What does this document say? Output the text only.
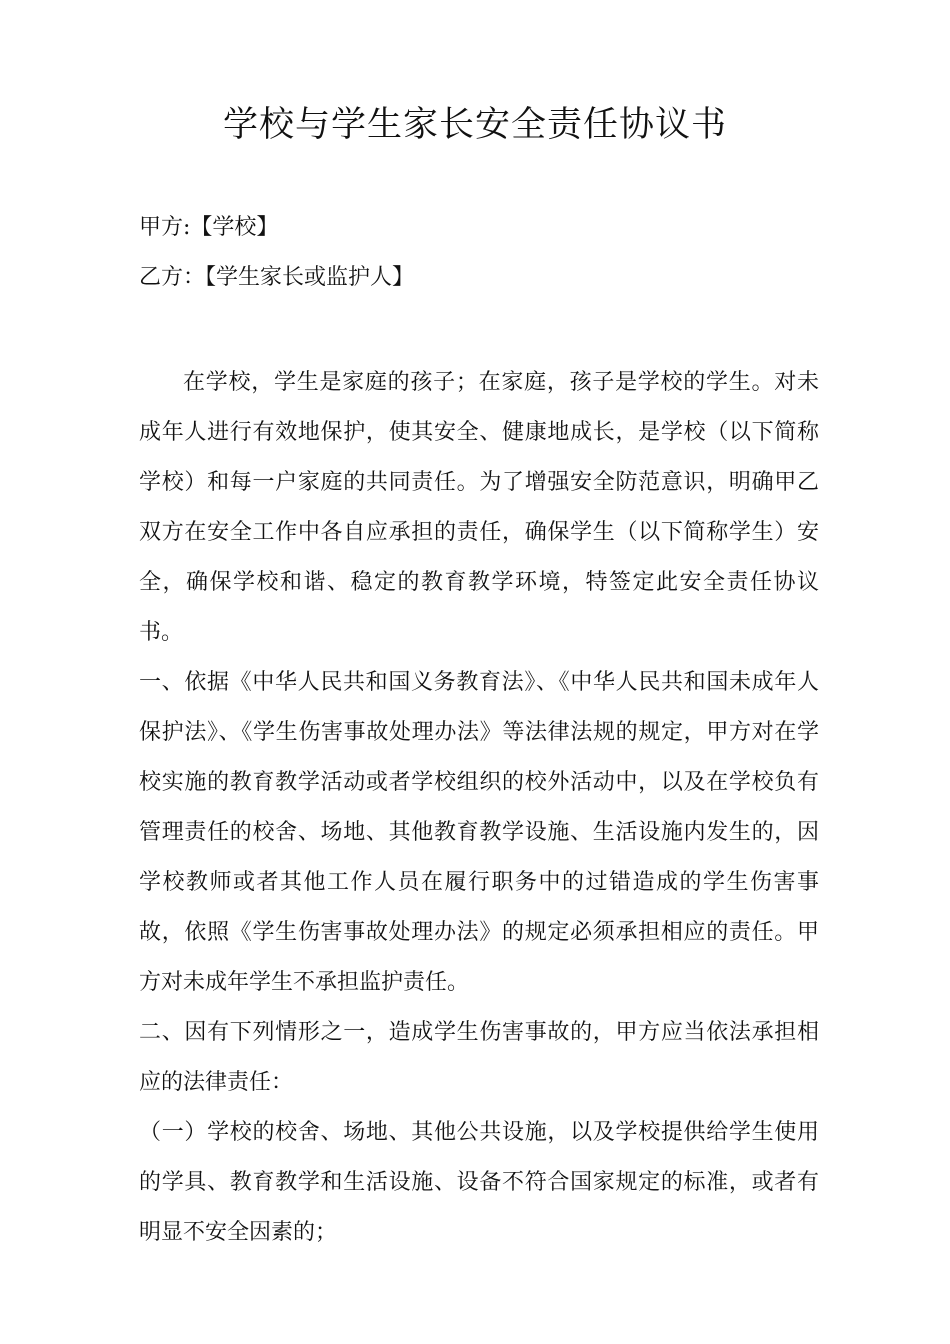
学校与学生家长安全责任协议书
甲方:【学校】
乙方：【学生家长或监护人】

在学校，学生是家庭的孩子；在家庭，孩子是学校的学生。对未成年人进行有效地保护，使其安全、健康地成长，是学校（以下简称学校）和每一户家庭的共同责任。为了增强安全防范意识，明确甲乙双方在安全工作中各自应承担的责任，确保学生（以下简称学生）安全，确保学校和谐、稳定的教育教学环境，特签定此安全责任协议书。

一、依据《中华人民共和国义务教育法》、《中华人民共和国未成年人保护法》、《学生伤害事故处理办法》等法律法规的规定，甲方对在学校实施的教育教学活动或者学校组织的校外活动中，以及在学校负有管理责任的校舍、场地、其他教育教学设施、生活设施内发生的，因学校教师或者其他工作人员在履行职务中的过错造成的学生伤害事故，依照《学生伤害事故处理办法》的规定必须承担相应的责任。甲方对未成年学生不承担监护责任。

二、因有下列情形之一，造成学生伤害事故的，甲方应当依法承担相应的法律责任：

（一）学校的校舍、场地、其他公共设施，以及学校提供给学生使用的学具、教育教学和生活设施、设备不符合国家规定的标准，或者有明显不安全因素的；
